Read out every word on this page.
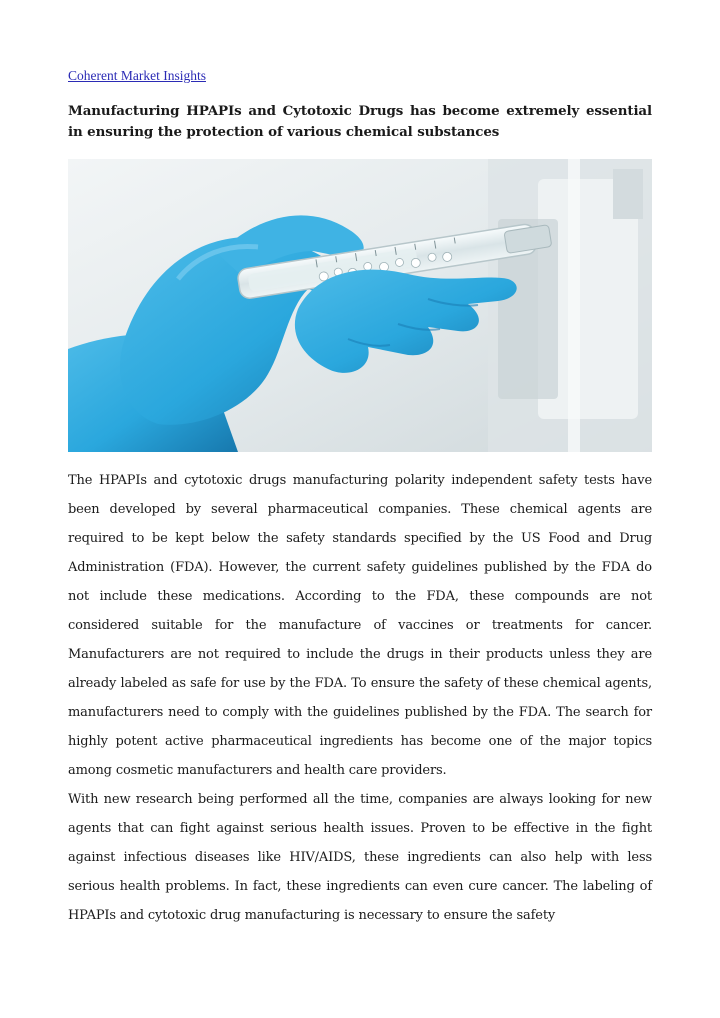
Coherent Market Insights
Manufacturing HPAPIs and Cytotoxic Drugs has become extremely essential in ensuring the protection of various chemical substances

The HPAPIs and cytotoxic drugs manufacturing polarity independent safety tests have been developed by several pharmaceutical companies. These chemical agents are required to be kept below the safety standards specified by the US Food and Drug Administration (FDA). However, the current safety guidelines published by the FDA do not include these medications. According to the FDA, these compounds are not considered suitable for the manufacture of vaccines or treatments for cancer. Manufacturers are not required to include the drugs in their products unless they are already labeled as safe for use by the FDA. To ensure the safety of these chemical agents, manufacturers need to comply with the guidelines published by the FDA. The search for highly potent active pharmaceutical ingredients has become one of the major topics among cosmetic manufacturers and health care providers.

With new research being performed all the time, companies are always looking for new agents that can fight against serious health issues. Proven to be effective in the fight against infectious diseases like HIV/AIDS, these ingredients can also help with less serious health problems. In fact, these ingredients can even cure cancer. The labeling of HPAPIs and cytotoxic drug manufacturing is necessary to ensure the safety
